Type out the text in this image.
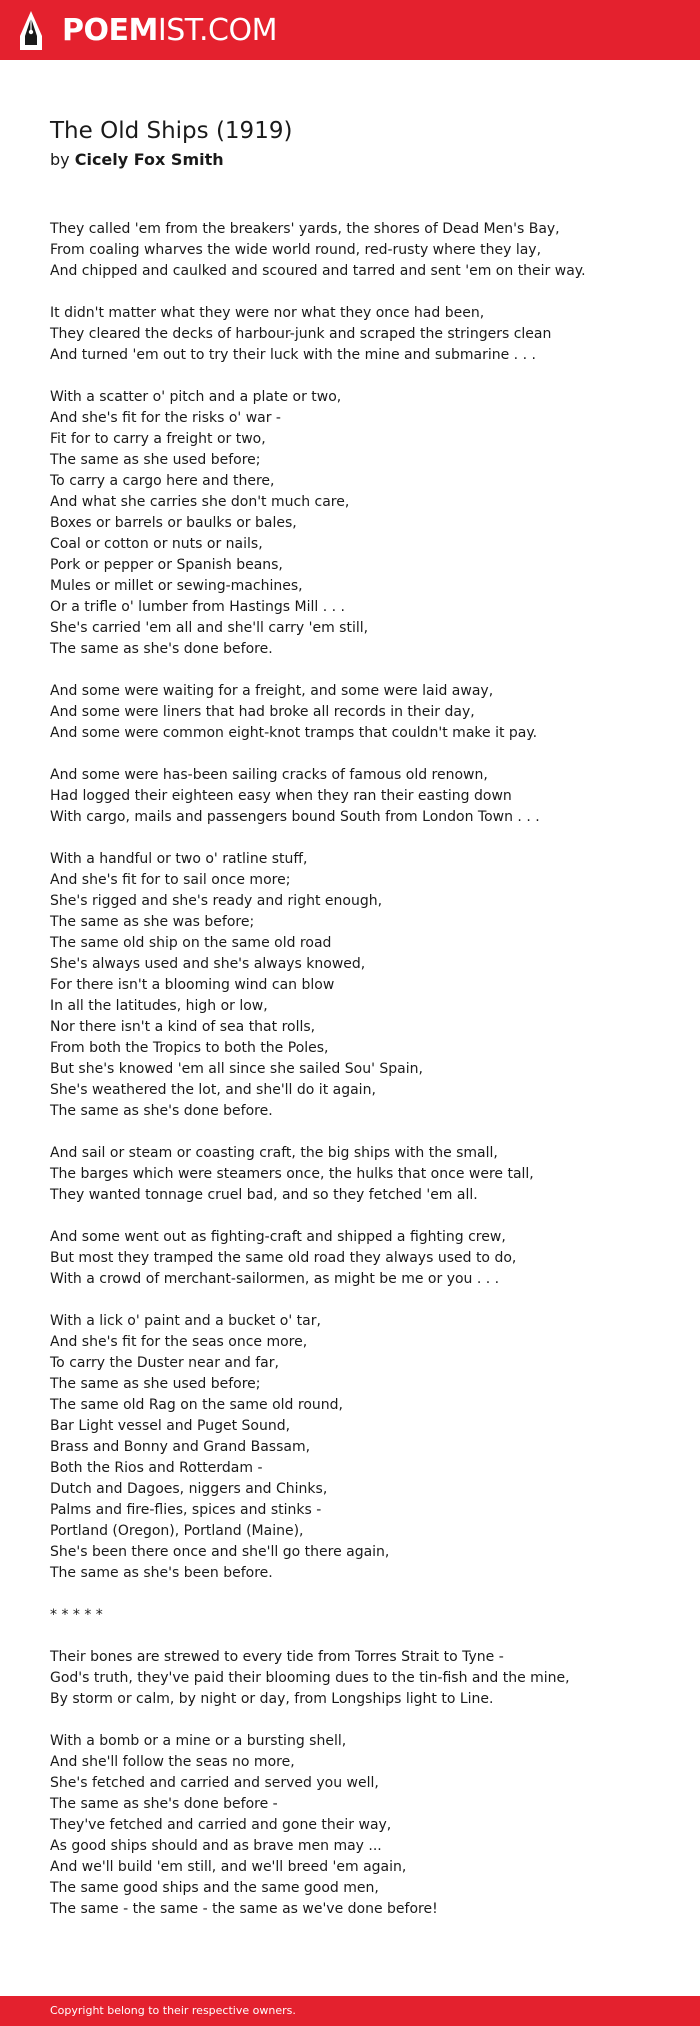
POEMIST.COM
The Old Ships (1919)
by Cicely Fox Smith
They called 'em from the breakers' yards, the shores of Dead Men's Bay,
From coaling wharves the wide world round, red-rusty where they lay,
And chipped and caulked and scoured and tarred and sent 'em on their way.
It didn't matter what they were nor what they once had been,
They cleared the decks of harbour-junk and scraped the stringers clean
And turned 'em out to try their luck with the mine and submarine . . .
With a scatter o' pitch and a plate or two,
And she's fit for the risks o' war -
Fit for to carry a freight or two,
The same as she used before;
To carry a cargo here and there,
And what she carries she don't much care,
Boxes or barrels or baulks or bales,
Coal or cotton or nuts or nails,
Pork or pepper or Spanish beans,
Mules or millet or sewing-machines,
Or a trifle o' lumber from Hastings Mill . . .
She's carried 'em all and she'll carry 'em still,
The same as she's done before.
And some were waiting for a freight, and some were laid away,
And some were liners that had broke all records in their day,
And some were common eight-knot tramps that couldn't make it pay.
And some were has-been sailing cracks of famous old renown,
Had logged their eighteen easy when they ran their easting down
With cargo, mails and passengers bound South from London Town . . .
With a handful or two o' ratline stuff,
And she's fit for to sail once more;
She's rigged and she's ready and right enough,
The same as she was before;
The same old ship on the same old road
She's always used and she's always knowed,
For there isn't a blooming wind can blow
In all the latitudes, high or low,
Nor there isn't a kind of sea that rolls,
From both the Tropics to both the Poles,
But she's knowed 'em all since she sailed Sou' Spain,
She's weathered the lot, and she'll do it again,
The same as she's done before.
And sail or steam or coasting craft, the big ships with the small,
The barges which were steamers once, the hulks that once were tall,
They wanted tonnage cruel bad, and so they fetched 'em all.
And some went out as fighting-craft and shipped a fighting crew,
But most they tramped the same old road they always used to do,
With a crowd of merchant-sailormen, as might be me or you . . .
With a lick o' paint and a bucket o' tar,
And she's fit for the seas once more,
To carry the Duster near and far,
The same as she used before;
The same old Rag on the same old round,
Bar Light vessel and Puget Sound,
Brass and Bonny and Grand Bassam,
Both the Rios and Rotterdam -
Dutch and Dagoes, niggers and Chinks,
Palms and fire-flies, spices and stinks -
Portland (Oregon), Portland (Maine),
She's been there once and she'll go there again,
The same as she's been before.
* * * * *
Their bones are strewed to every tide from Torres Strait to Tyne -
God's truth, they've paid their blooming dues to the tin-fish and the mine,
By storm or calm, by night or day, from Longships light to Line.
With a bomb or a mine or a bursting shell,
And she'll follow the seas no more,
She's fetched and carried and served you well,
The same as she's done before -
They've fetched and carried and gone their way,
As good ships should and as brave men may ...
And we'll build 'em still, and we'll breed 'em again,
The same good ships and the same good men,
The same - the same - the same as we've done before!
Copyright belong to their respective owners.
